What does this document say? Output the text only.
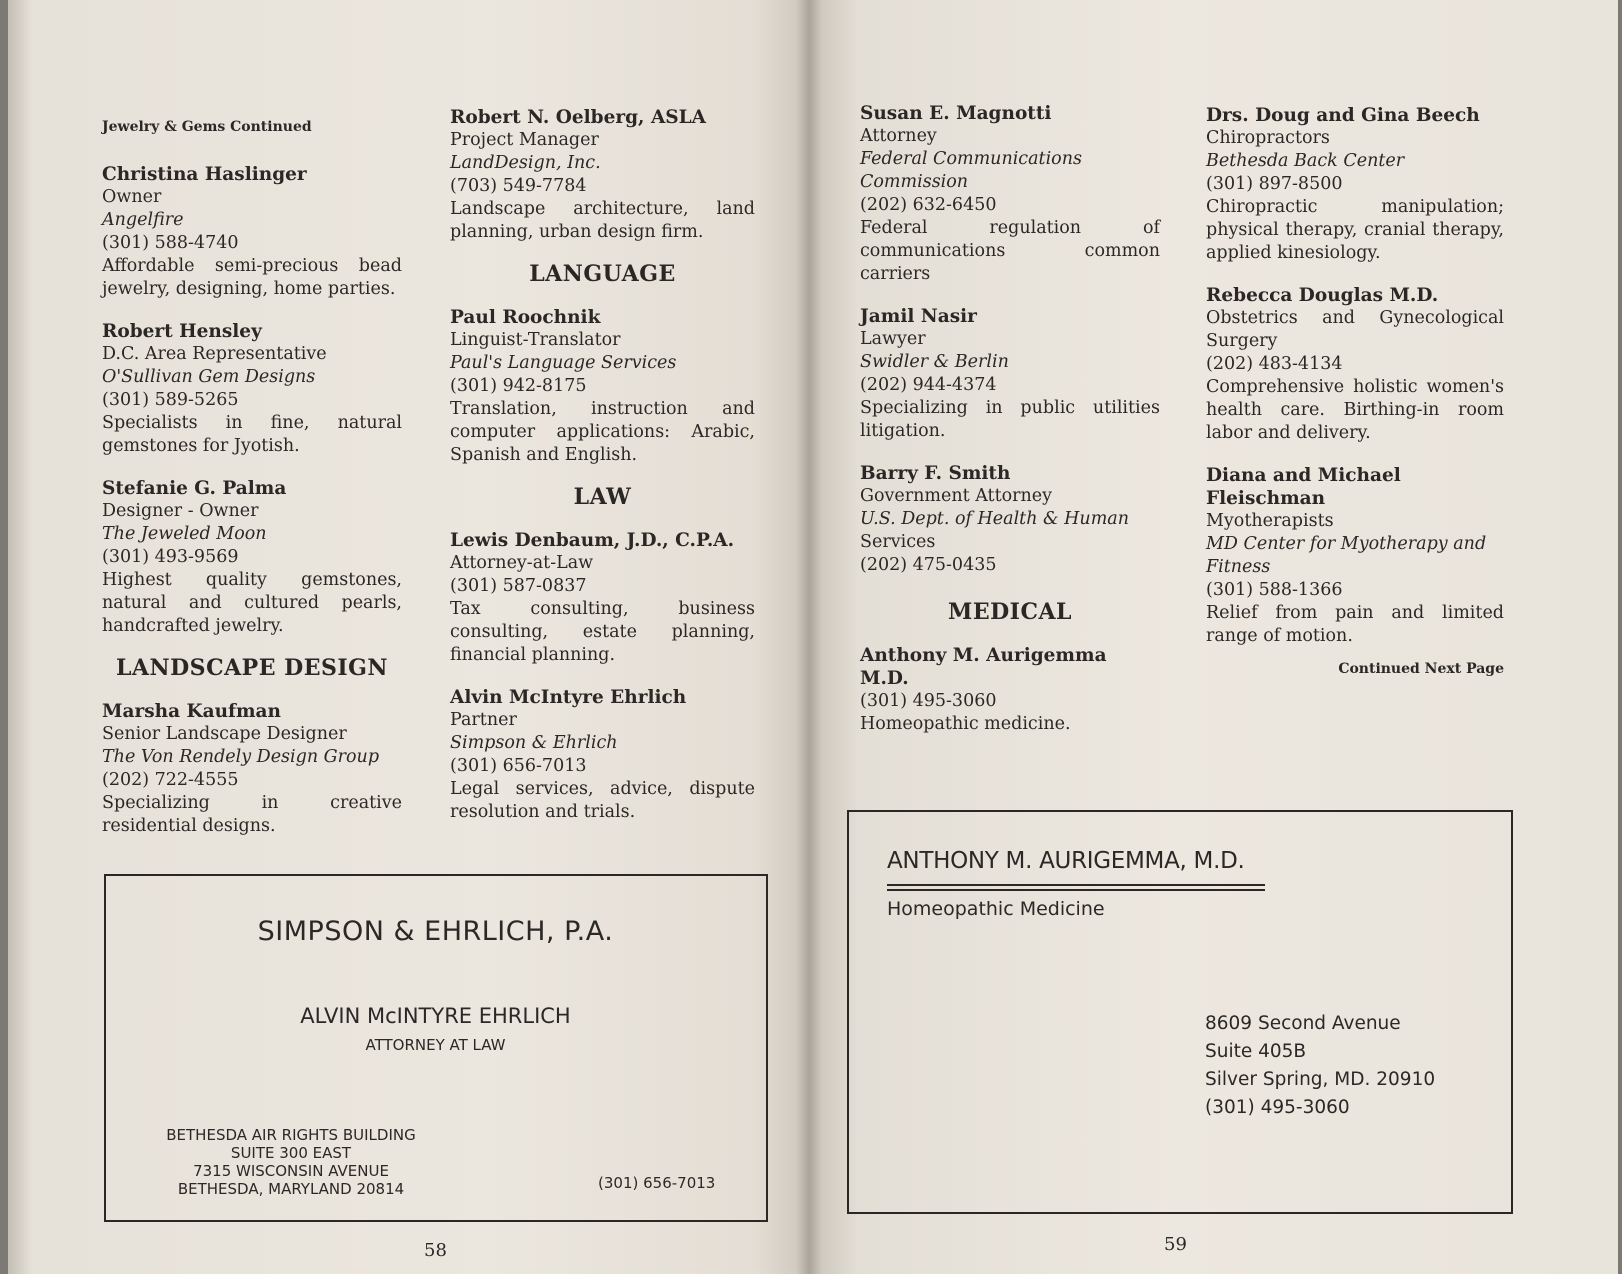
Jewelry & Gems Continued
Christina Haslinger
Owner
Angelfire
(301) 588-4740
Affordable semi-precious bead jewelry, designing, home parties.
Robert Hensley
D.C. Area Representative
O'Sullivan Gem Designs
(301) 589-5265
Specialists in fine, natural gemstones for Jyotish.
Stefanie G. Palma
Designer - Owner
The Jeweled Moon
(301) 493-9569
Highest quality gemstones, natural and cultured pearls, handcrafted jewelry.
LANDSCAPE DESIGN
Marsha Kaufman
Senior Landscape Designer
The Von Rendely Design Group
(202) 722-4555
Specializing in creative residential designs.
Robert N. Oelberg, ASLA
Project Manager
LandDesign, Inc.
(703) 549-7784
Landscape architecture, land planning, urban design firm.
LANGUAGE
Paul Roochnik
Linguist-Translator
Paul's Language Services
(301) 942-8175
Translation, instruction and computer applications: Arabic, Spanish and English.
LAW
Lewis Denbaum, J.D., C.P.A.
Attorney-at-Law
(301) 587-0837
Tax consulting, business consulting, estate planning, financial planning.
Alvin McIntyre Ehrlich
Partner
Simpson & Ehrlich
(301) 656-7013
Legal services, advice, dispute resolution and trials.
58
Susan E. Magnotti
Attorney
Federal Communications Commission
(202) 632-6450
Federal regulation of communications common carriers
Jamil Nasir
Lawyer
Swidler & Berlin
(202) 944-4374
Specializing in public utilities litigation.
Barry F. Smith
Government Attorney
U.S. Dept. of Health & Human
Services
(202) 475-0435
MEDICAL
Anthony M. Aurigemma M.D.
(301) 495-3060
Homeopathic medicine.
Drs. Doug and Gina Beech
Chiropractors
Bethesda Back Center
(301) 897-8500
Chiropractic manipulation; physical therapy, cranial therapy, applied kinesiology.
Rebecca Douglas M.D.
Obstetrics and Gynecological Surgery
(202) 483-4134
Comprehensive holistic women's health care. Birthing-in room labor and delivery.
Diana and Michael Fleischman
Myotherapists
MD Center for Myotherapy and Fitness
(301) 588-1366
Relief from pain and limited range of motion.
Continued Next Page
59
SIMPSON & EHRLICH, P.A.
ALVIN McINTYRE EHRLICH
ATTORNEY AT LAW
BETHESDA AIR RIGHTS BUILDING
SUITE 300 EAST
7315 WISCONSIN AVENUE
BETHESDA, MARYLAND 20814	(301) 656-7013
ANTHONY M. AURIGEMMA, M.D.
Homeopathic Medicine
8609 Second Avenue
Suite 405B
Silver Spring, MD. 20910
(301) 495-3060
